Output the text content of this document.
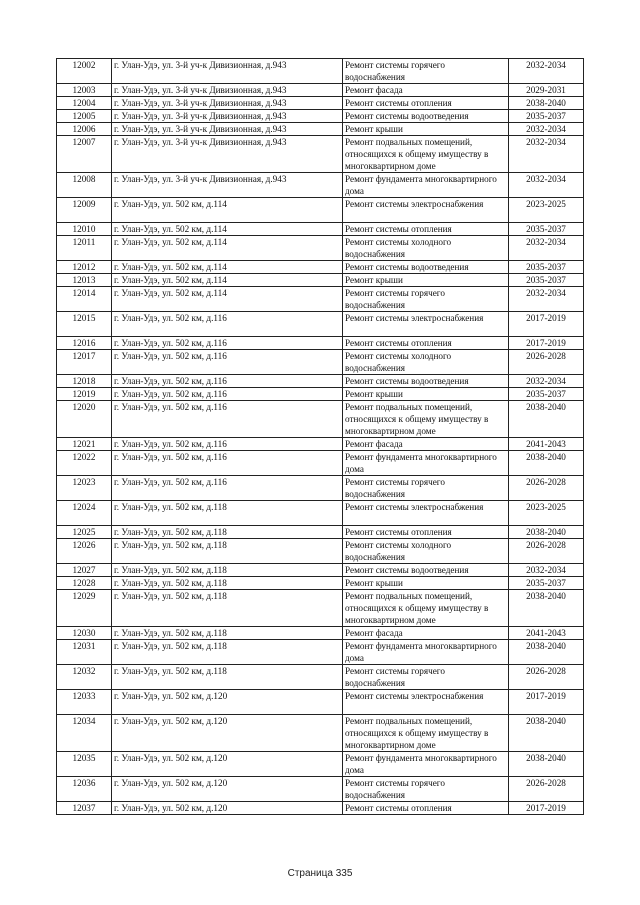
12002	г. Улан-Удэ, ул. 3-й уч-к Дивизионная, д.943	Ремонт системы горячего водоснабжения	2032-2034
12003	г. Улан-Удэ, ул. 3-й уч-к Дивизионная, д.943	Ремонт фасада	2029-2031
12004	г. Улан-Удэ, ул. 3-й уч-к Дивизионная, д.943	Ремонт системы отопления	2038-2040
12005	г. Улан-Удэ, ул. 3-й уч-к Дивизионная, д.943	Ремонт системы водоотведения	2035-2037
12006	г. Улан-Удэ, ул. 3-й уч-к Дивизионная, д.943	Ремонт крыши	2032-2034
12007	г. Улан-Удэ, ул. 3-й уч-к Дивизионная, д.943	Ремонт подвальных помещений, относящихся к общему имуществу в многоквартирном доме	2032-2034
12008	г. Улан-Удэ, ул. 3-й уч-к Дивизионная, д.943	Ремонт фундамента многоквартирного дома	2032-2034
12009	г. Улан-Удэ, ул. 502 км, д.114	Ремонт системы электроснабжения	2023-2025
12010	г. Улан-Удэ, ул. 502 км, д.114	Ремонт системы отопления	2035-2037
12011	г. Улан-Удэ, ул. 502 км, д.114	Ремонт системы холодного водоснабжения	2032-2034
12012	г. Улан-Удэ, ул. 502 км, д.114	Ремонт системы водоотведения	2035-2037
12013	г. Улан-Удэ, ул. 502 км, д.114	Ремонт крыши	2035-2037
12014	г. Улан-Удэ, ул. 502 км, д.114	Ремонт системы горячего водоснабжения	2032-2034
12015	г. Улан-Удэ, ул. 502 км, д.116	Ремонт системы электроснабжения	2017-2019
12016	г. Улан-Удэ, ул. 502 км, д.116	Ремонт системы отопления	2017-2019
12017	г. Улан-Удэ, ул. 502 км, д.116	Ремонт системы холодного водоснабжения	2026-2028
12018	г. Улан-Удэ, ул. 502 км, д.116	Ремонт системы водоотведения	2032-2034
12019	г. Улан-Удэ, ул. 502 км, д.116	Ремонт крыши	2035-2037
12020	г. Улан-Удэ, ул. 502 км, д.116	Ремонт подвальных помещений, относящихся к общему имуществу в многоквартирном доме	2038-2040
12021	г. Улан-Удэ, ул. 502 км, д.116	Ремонт фасада	2041-2043
12022	г. Улан-Удэ, ул. 502 км, д.116	Ремонт фундамента многоквартирного дома	2038-2040
12023	г. Улан-Удэ, ул. 502 км, д.116	Ремонт системы горячего водоснабжения	2026-2028
12024	г. Улан-Удэ, ул. 502 км, д.118	Ремонт системы электроснабжения	2023-2025
12025	г. Улан-Удэ, ул. 502 км, д.118	Ремонт системы отопления	2038-2040
12026	г. Улан-Удэ, ул. 502 км, д.118	Ремонт системы холодного водоснабжения	2026-2028
12027	г. Улан-Удэ, ул. 502 км, д.118	Ремонт системы водоотведения	2032-2034
12028	г. Улан-Удэ, ул. 502 км, д.118	Ремонт крыши	2035-2037
12029	г. Улан-Удэ, ул. 502 км, д.118	Ремонт подвальных помещений, относящихся к общему имуществу в многоквартирном доме	2038-2040
12030	г. Улан-Удэ, ул. 502 км, д.118	Ремонт фасада	2041-2043
12031	г. Улан-Удэ, ул. 502 км, д.118	Ремонт фундамента многоквартирного дома	2038-2040
12032	г. Улан-Удэ, ул. 502 км, д.118	Ремонт системы горячего водоснабжения	2026-2028
12033	г. Улан-Удэ, ул. 502 км, д.120	Ремонт системы электроснабжения	2017-2019
12034	г. Улан-Удэ, ул. 502 км, д.120	Ремонт подвальных помещений, относящихся к общему имуществу в многоквартирном доме	2038-2040
12035	г. Улан-Удэ, ул. 502 км, д.120	Ремонт фундамента многоквартирного дома	2038-2040
12036	г. Улан-Удэ, ул. 502 км, д.120	Ремонт системы горячего водоснабжения	2026-2028
12037	г. Улан-Удэ, ул. 502 км, д.120	Ремонт системы отопления	2017-2019
Страница 335
